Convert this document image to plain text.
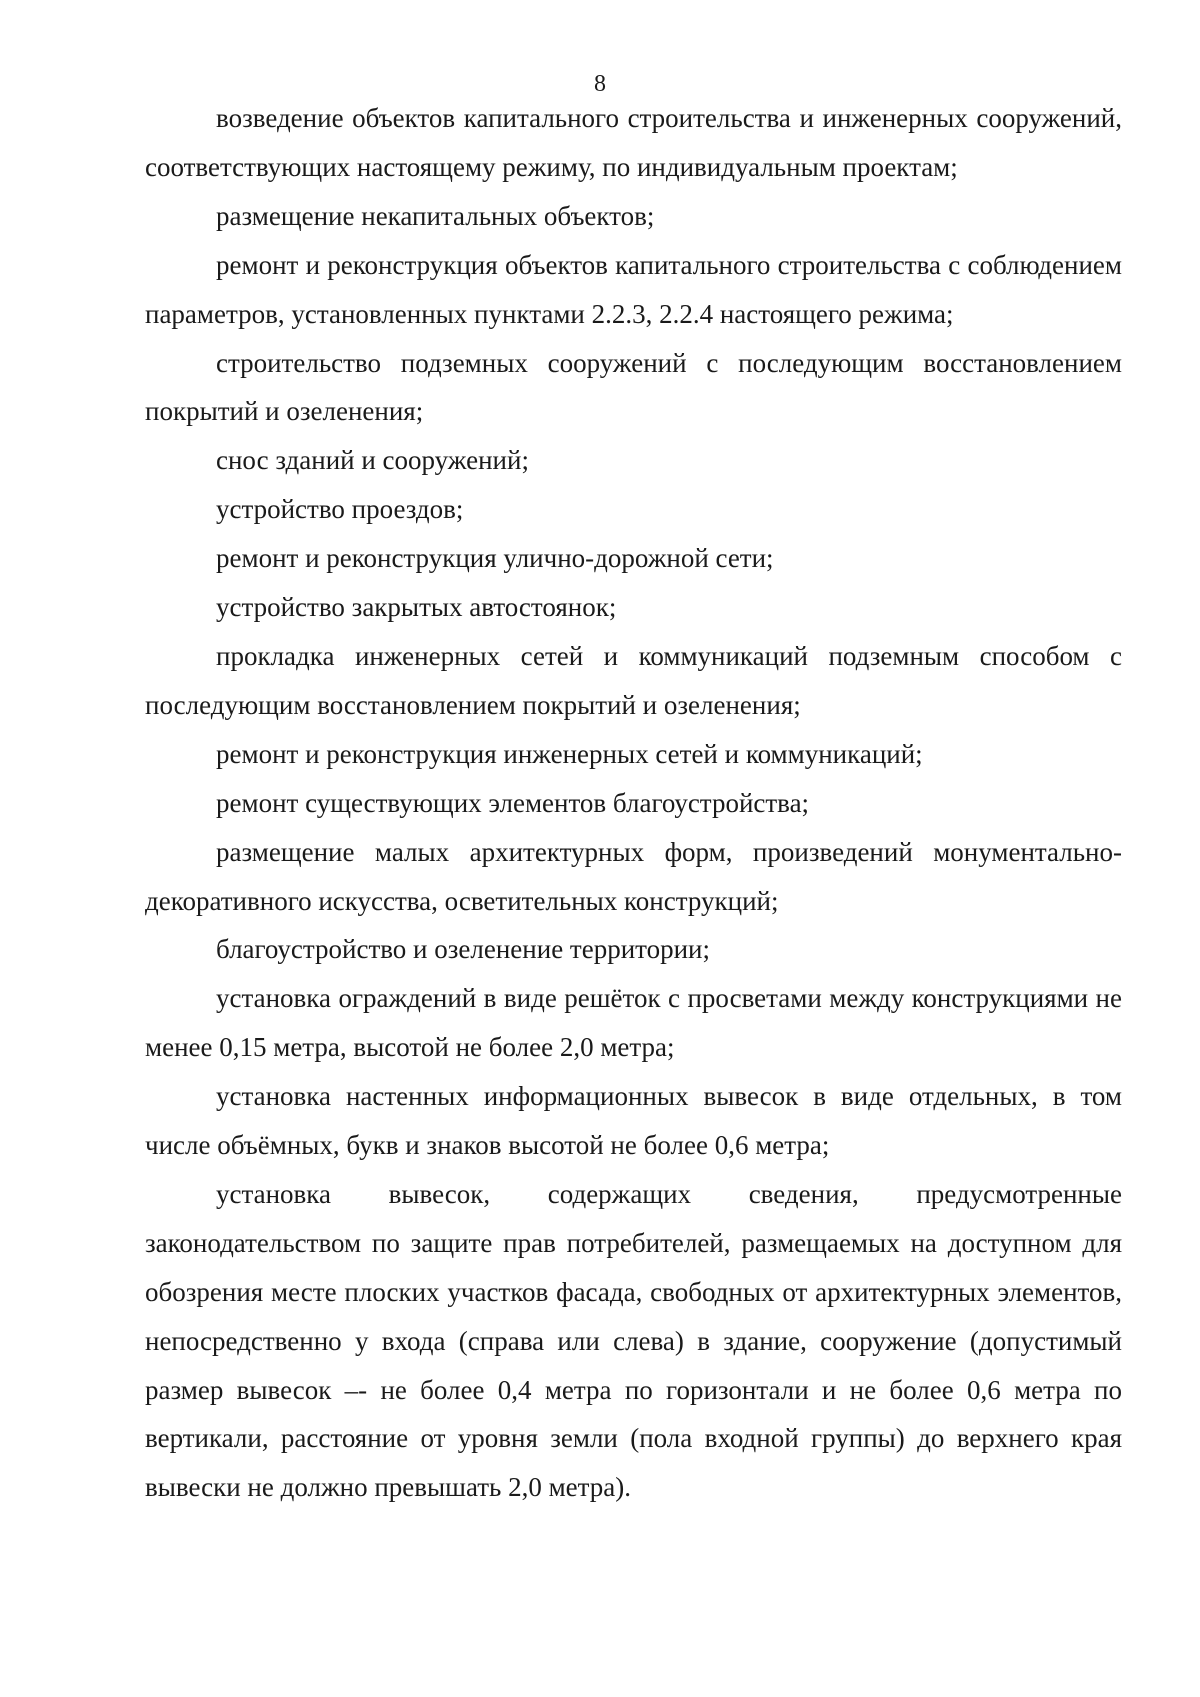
8

возведение объектов капитального строительства и инженерных сооружений, соответствующих настоящему режиму, по индивидуальным проектам;

размещение некапитальных объектов;

ремонт и реконструкция объектов капитального строительства с соблюдением параметров, установленных пунктами 2.2.3, 2.2.4 настоящего режима;

строительство подземных сооружений с последующим восстановлением покрытий и озеленения;

снос зданий и сооружений;

устройство проездов;

ремонт и реконструкция улично-дорожной сети;

устройство закрытых автостоянок;

прокладка инженерных сетей и коммуникаций подземным способом с последующим восстановлением покрытий и озеленения;

ремонт и реконструкция инженерных сетей и коммуникаций;

ремонт существующих элементов благоустройства;

размещение малых архитектурных форм, произведений монументально-декоративного искусства, осветительных конструкций;

благоустройство и озеленение территории;

установка ограждений в виде решёток с просветами между конструкциями не менее 0,15 метра, высотой не более 2,0 метра;

установка настенных информационных вывесок в виде отдельных, в том числе объёмных, букв и знаков высотой не более 0,6 метра;

установка вывесок, содержащих сведения, предусмотренные законодательством по защите прав потребителей, размещаемых на доступном для обозрения месте плоских участков фасада, свободных от архитектурных элементов, непосредственно у входа (справа или слева) в здание, сооружение (допустимый размер вывесок –- не более 0,4 метра по горизонтали и не более 0,6 метра по вертикали, расстояние от уровня земли (пола входной группы) до верхнего края вывески не должно превышать 2,0 метра).
